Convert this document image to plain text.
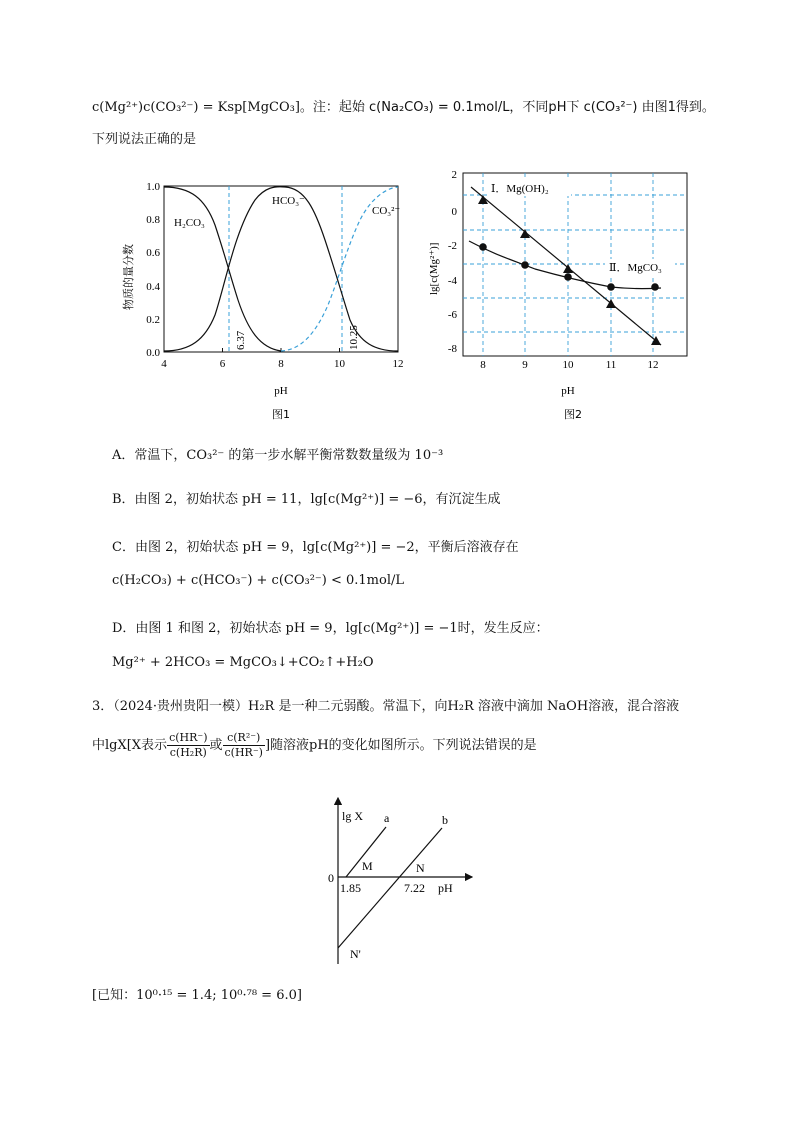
c(Mg²⁺)c(CO₃²⁻) = Ksp[MgCO₃]。注：起始 c(Na₂CO₃) = 0.1mol/L，不同pH下 c(CO₃²⁻) 由图1得到。
下列说法正确的是
4	6	8	10	12
0.0
0.2
0.4
0.6
0.8
1.0
物质的量分数
pH
图1
6.37	10.25
H₂CO₃
HCO₃⁻
CO₃²⁻
8	9	10	11	12
2
0
-2
-4
-6
-8
lg[c(Mg²⁺)]
pH
图2
Ⅰ．Mg(OH)₂
Ⅱ．MgCO₃
A．常温下，CO₃²⁻ 的第一步水解平衡常数数量级为 10⁻³
B．由图 2，初始状态 pH = 11，lg[c(Mg²⁺)] = −6，有沉淀生成
C．由图 2，初始状态 pH = 9，lg[c(Mg²⁺)] = −2，平衡后溶液存在
c(H₂CO₃) + c(HCO₃⁻) + c(CO₃²⁻) < 0.1mol/L
D．由图 1 和图 2，初始状态 pH = 9，lg[c(Mg²⁺)] = −1时，发生反应：
Mg²⁺ + 2HCO₃ = MgCO₃↓+CO₂↑+H₂O
3．（2024·贵州贵阳一模）H₂R 是一种二元弱酸。常温下，向H₂R 溶液中滴加 NaOH溶液，混合溶液
中lgX[X表示 $\frac{c(HR^-)}{\text{c(H₂R)}}$ 或 $\frac{\text{c(R²⁻)}}{c(HR^-)}$ ]随溶液pH的变化如图所示。下列说法错误的是
lg X
0
a	b
M	N
N'
1.85	7.22 pH
[已知：10⁰·¹⁵ = 1.4; 10⁰·⁷⁸ = 6.0]
